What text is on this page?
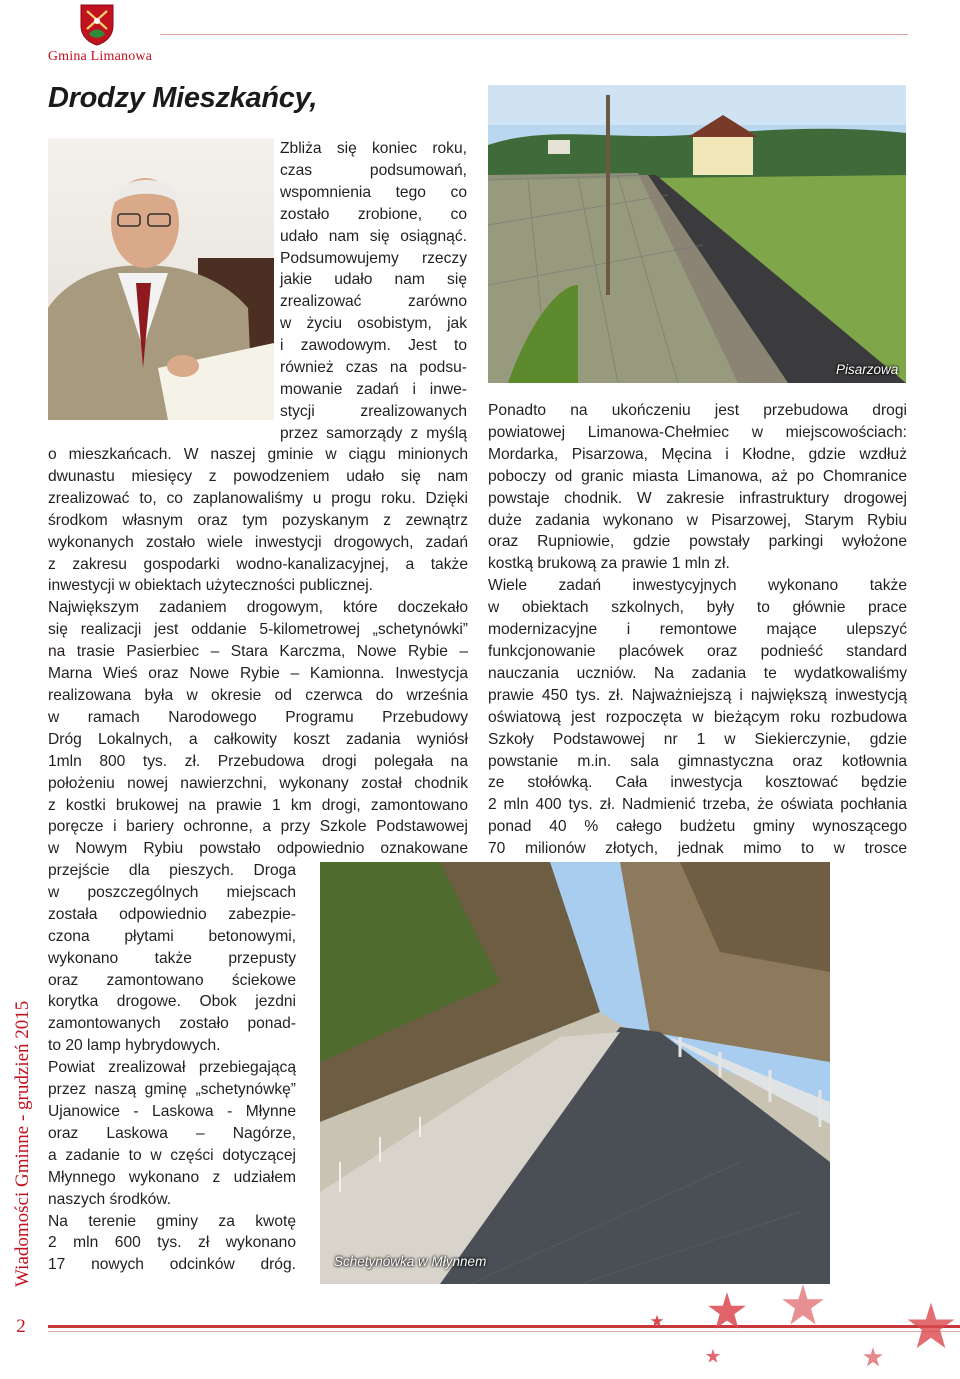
Gmina Limanowa
Drodzy Mieszkańcy,
Pisarzowa
Schetynówka w Młynnem

Zbliża się koniec roku,

czas podsumowań,

wspomnienia tego co

zostało zrobione, co

udało nam się osiągnąć.

Podsumowujemy rzeczy

jakie udało nam się

zrealizować zarówno

w życiu osobistym, jak

i zawodowym. Jest to

również czas na podsu-

mowanie zadań i inwe-

stycji zrealizowanych

przez samorządy z myślą

o mieszkańcach. W naszej gminie w ciągu minionych

dwunastu miesięcy z powodzeniem udało się nam

zrealizować to, co zaplanowaliśmy u progu roku. Dzięki

środkom własnym oraz tym pozyskanym z zewnątrz

wykonanych zostało wiele inwestycji drogowych, zadań

z zakresu gospodarki wodno-kanalizacyjnej, a także

inwestycji w obiektach użyteczności publicznej.

Największym zadaniem drogowym, które doczekało

się realizacji jest oddanie 5-kilometrowej „schetynówki”

na trasie Pasierbiec – Stara Karczma, Nowe Rybie –

Marna Wieś oraz Nowe Rybie – Kamionna. Inwestycja

realizowana była w okresie od czerwca do września

w ramach Narodowego Programu Przebudowy

Dróg Lokalnych, a całkowity koszt zadania wyniósł

1mln 800 tys. zł. Przebudowa drogi polegała na

położeniu nowej nawierzchni, wykonany został chodnik

z kostki brukowej na prawie 1 km drogi, zamontowano

poręcze i bariery ochronne, a przy Szkole Podstawowej

w Nowym Rybiu powstało odpowiednio oznakowane

przejście dla pieszych. Droga

w poszczególnych miejscach

została odpowiednio zabezpie-

czona płytami betonowymi,

wykonano także przepusty

oraz zamontowano ściekowe

korytka drogowe. Obok jezdni

zamontowanych zostało ponad-

to 20 lamp hybrydowych.

Powiat zrealizował przebiegającą

przez naszą gminę „schetynówkę”

Ujanowice - Laskowa - Młynne

oraz Laskowa – Nagórze,

a zadanie to w części dotyczącej

Młynnego wykonano z udziałem

naszych środków.

Na terenie gminy za kwotę

2 mln 600 tys. zł wykonano

17 nowych odcinków dróg.

Ponadto na ukończeniu jest przebudowa drogi

powiatowej Limanowa-Chełmiec w miejscowościach:

Mordarka, Pisarzowa, Męcina i Kłodne, gdzie wzdłuż

poboczy od granic miasta Limanowa, aż po Chomranice

powstaje chodnik. W zakresie infrastruktury drogowej

duże zadania wykonano w Pisarzowej, Starym Rybiu

oraz Rupniowie, gdzie powstały parkingi wyłożone

kostką brukową za prawie 1 mln zł.

Wiele zadań inwestycyjnych wykonano także

w obiektach szkolnych, były to głównie prace

modernizacyjne i remontowe mające ulepszyć

funkcjonowanie placówek oraz podnieść standard

nauczania uczniów. Na zadania te wydatkowaliśmy

prawie 450 tys. zł. Najważniejszą i największą inwestycją

oświatową jest rozpoczęta w bieżącym roku rozbudowa

Szkoły Podstawowej nr 1 w Siekierczynie, gdzie

powstanie m.in. sala gimnastyczna oraz kotłownia

ze stołówką. Cała inwestycja kosztować będzie

2 mln 400 tys. zł. Nadmienić trzeba, że oświata pochłania

ponad 40 % całego budżetu gminy wynoszącego

70 milionów złotych, jednak mimo to w trosce

Wiadomości Gminne - grudzień 2015
2
